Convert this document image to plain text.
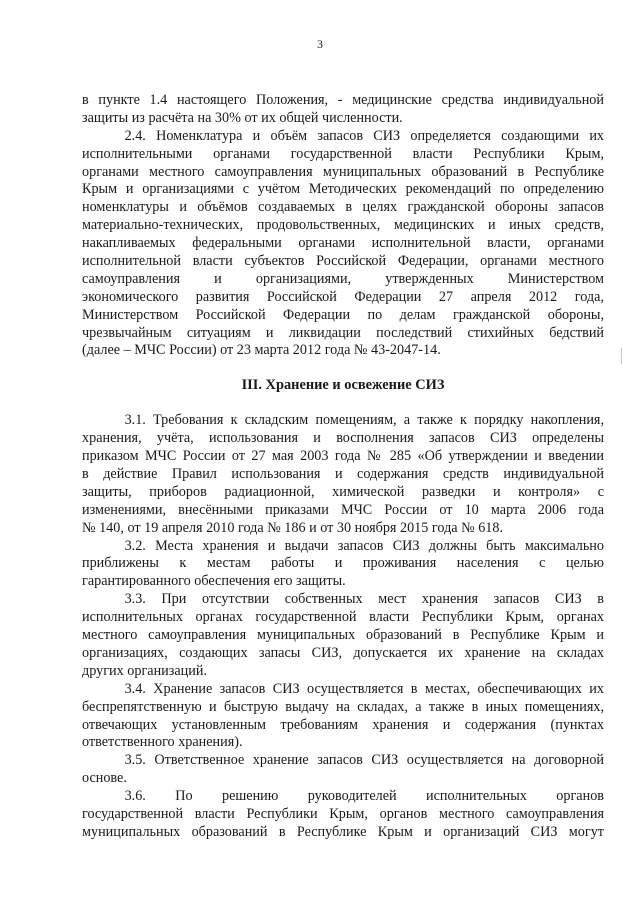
3
в пункте 1.4 настоящего Положения, - медицинские средства индивидуальной
защиты из расчёта на 30% от их общей численности.
   2.4. Номенклатура и объём запасов СИЗ определяется создающими их
исполнительными органами государственной власти Республики Крым,
органами местного самоуправления муниципальных образований в Республике
Крым и организациями с учётом Методических рекомендаций по определению
номенклатуры и объёмов создаваемых в целях гражданской обороны запасов
материально-технических, продовольственных, медицинских и иных средств,
накапливаемых федеральными органами исполнительной власти, органами
исполнительной власти субъектов Российской Федерации, органами местного
самоуправления и организациями, утвержденных Министерством
экономического развития Российской Федерации 27 апреля 2012 года,
Министерством Российской Федерации по делам гражданской обороны,
чрезвычайным ситуациям и ликвидации последствий стихийных бедствий
(далее – МЧС России) от 23 марта 2012 года № 43-2047-14.
III. Хранение и освежение СИЗ
   3.1. Требования к складским помещениям, а также к порядку накопления,
хранения, учёта, использования и восполнения запасов СИЗ определены
приказом МЧС России от 27 мая 2003 года № 285 «Об утверждении и введении
в действие Правил использования и содержания средств индивидуальной
защиты, приборов радиационной, химической разведки и контроля» с
изменениями, внесёнными приказами МЧС России от 10 марта 2006 года
№ 140, от 19 апреля 2010 года № 186 и от 30 ноября 2015 года № 618.
   3.2. Места хранения и выдачи запасов СИЗ должны быть максимально
приближены к местам работы и проживания населения с целью
гарантированного обеспечения его защиты.
   3.3. При отсутствии собственных мест хранения запасов СИЗ в
исполнительных органах государственной власти Республики Крым, органах
местного самоуправления муниципальных образований в Республике Крым и
организациях, создающих запасы СИЗ, допускается их хранение на складах
других организаций.
   3.4. Хранение запасов СИЗ осуществляется в местах, обеспечивающих их
беспрепятственную и быструю выдачу на складах, а также в иных помещениях,
отвечающих установленным требованиям хранения и содержания (пунктах
ответственного хранения).
   3.5. Ответственное хранение запасов СИЗ осуществляется на договорной
основе.
   3.6. По решению руководителей исполнительных органов
государственной власти Республики Крым, органов местного самоуправления
муниципальных образований в Республике Крым и организаций СИЗ могут
